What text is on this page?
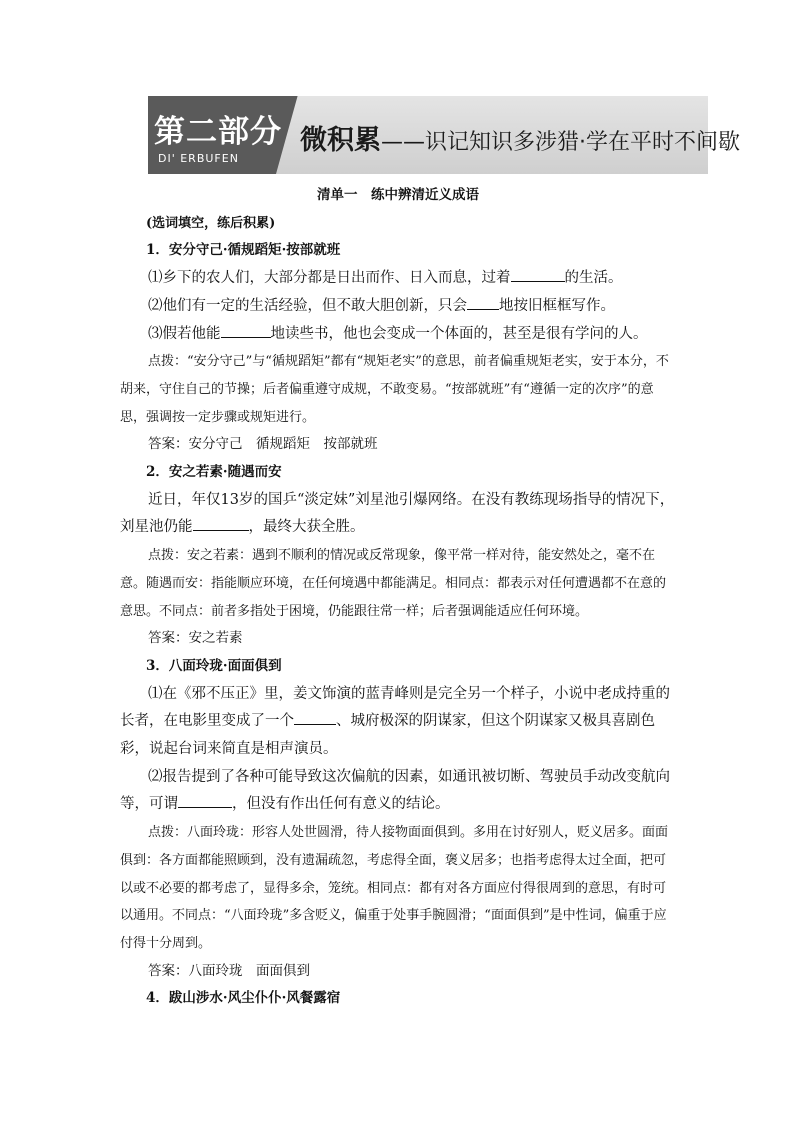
第二部分
DI' ERBUFEN
微积累——识记知识多涉猎·学在平时不间歇

清单一　练中辨清近义成语

(选词填空，练后积累)

1．安分守己·循规蹈矩·按部就班

⑴乡下的农人们，大部分都是日出而作、日入而息，过着	的生活。

⑵他们有一定的生活经验，但不敢大胆创新，只会 地按旧框框写作。

⑶假若他能	地读些书，他也会变成一个体面的，甚至是很有学问的人。

点拨：“安分守己”与“循规蹈矩”都有“规矩老实”的意思，前者偏重规矩老实，安于本分，不胡来，守住自己的节操；后者偏重遵守成规，不敢变易。“按部就班”有“遵循一定的次序”的意思，强调按一定步骤或规矩进行。

答案：安分守己　循规蹈矩　按部就班

2．安之若素·随遇而安

近日，年仅13岁的国乒“淡定妹”刘星池引爆网络。在没有教练现场指导的情况下，刘星池仍能	，最终大获全胜。

点拨：安之若素：遇到不顺利的情况或反常现象，像平常一样对待，能安然处之，毫不在意。随遇而安：指能顺应环境，在任何境遇中都能满足。相同点：都表示对任何遭遇都不在意的意思。不同点：前者多指处于困境，仍能跟往常一样；后者强调能适应任何环境。

答案：安之若素

3．八面玲珑·面面俱到

⑴在《邪不压正》里，姜文饰演的蓝青峰则是完全另一个样子，小说中老成持重的长者，在电影里变成了一个	、城府极深的阴谋家，但这个阴谋家又极具喜剧色彩，说起台词来简直是相声演员。

⑵报告提到了各种可能导致这次偏航的因素，如通讯被切断、驾驶员手动改变航向等，可谓	，但没有作出任何有意义的结论。

点拨：八面玲珑：形容人处世圆滑，待人接物面面俱到。多用在讨好别人，贬义居多。面面俱到：各方面都能照顾到，没有遗漏疏忽，考虑得全面，褒义居多；也指考虑得太过全面，把可以或不必要的都考虑了，显得多余，笼统。相同点：都有对各方面应付得很周到的意思，有时可以通用。不同点：“八面玲珑”多含贬义，偏重于处事手腕圆滑；“面面俱到”是中性词，偏重于应付得十分周到。

答案：八面玲珑　面面俱到

4．跋山涉水·风尘仆仆·风餐露宿
